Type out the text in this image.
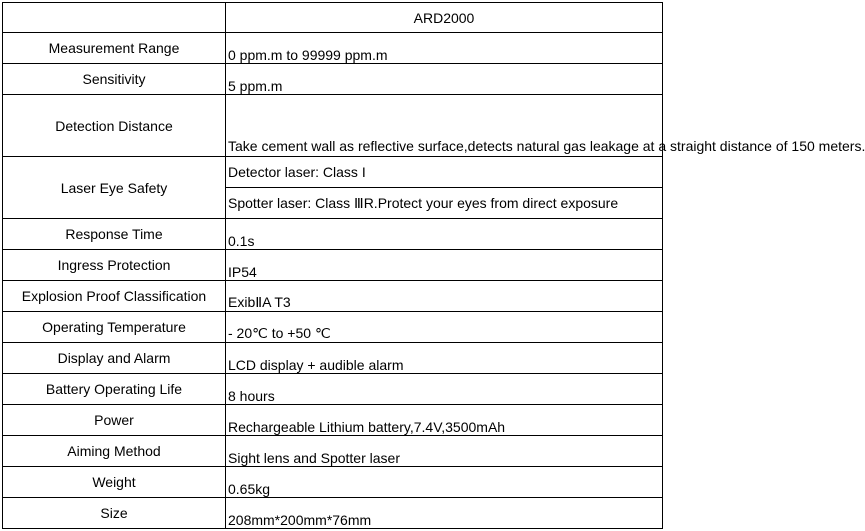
	ARD2000
Measurement Range	0 ppm.m to 99999 ppm.m
Sensitivity	5 ppm.m
Detection Distance	Take cement wall as reflective surface,detects natural gas leakage at a straight distance of 150 meters.
Laser Eye Safety	Detector laser: Class I
	Spotter laser: Class ⅢR.Protect your eyes from direct exposure
Response Time	0.1s
Ingress Protection	IP54
Explosion Proof Classification	ExibⅡA T3
Operating Temperature	- 20℃ to +50 ℃
Display and Alarm	LCD display + audible alarm
Battery Operating Life	8 hours
Power	Rechargeable Lithium battery,7.4V,3500mAh
Aiming Method	Sight lens and Spotter laser
Weight	0.65kg
Size	208mm*200mm*76mm
